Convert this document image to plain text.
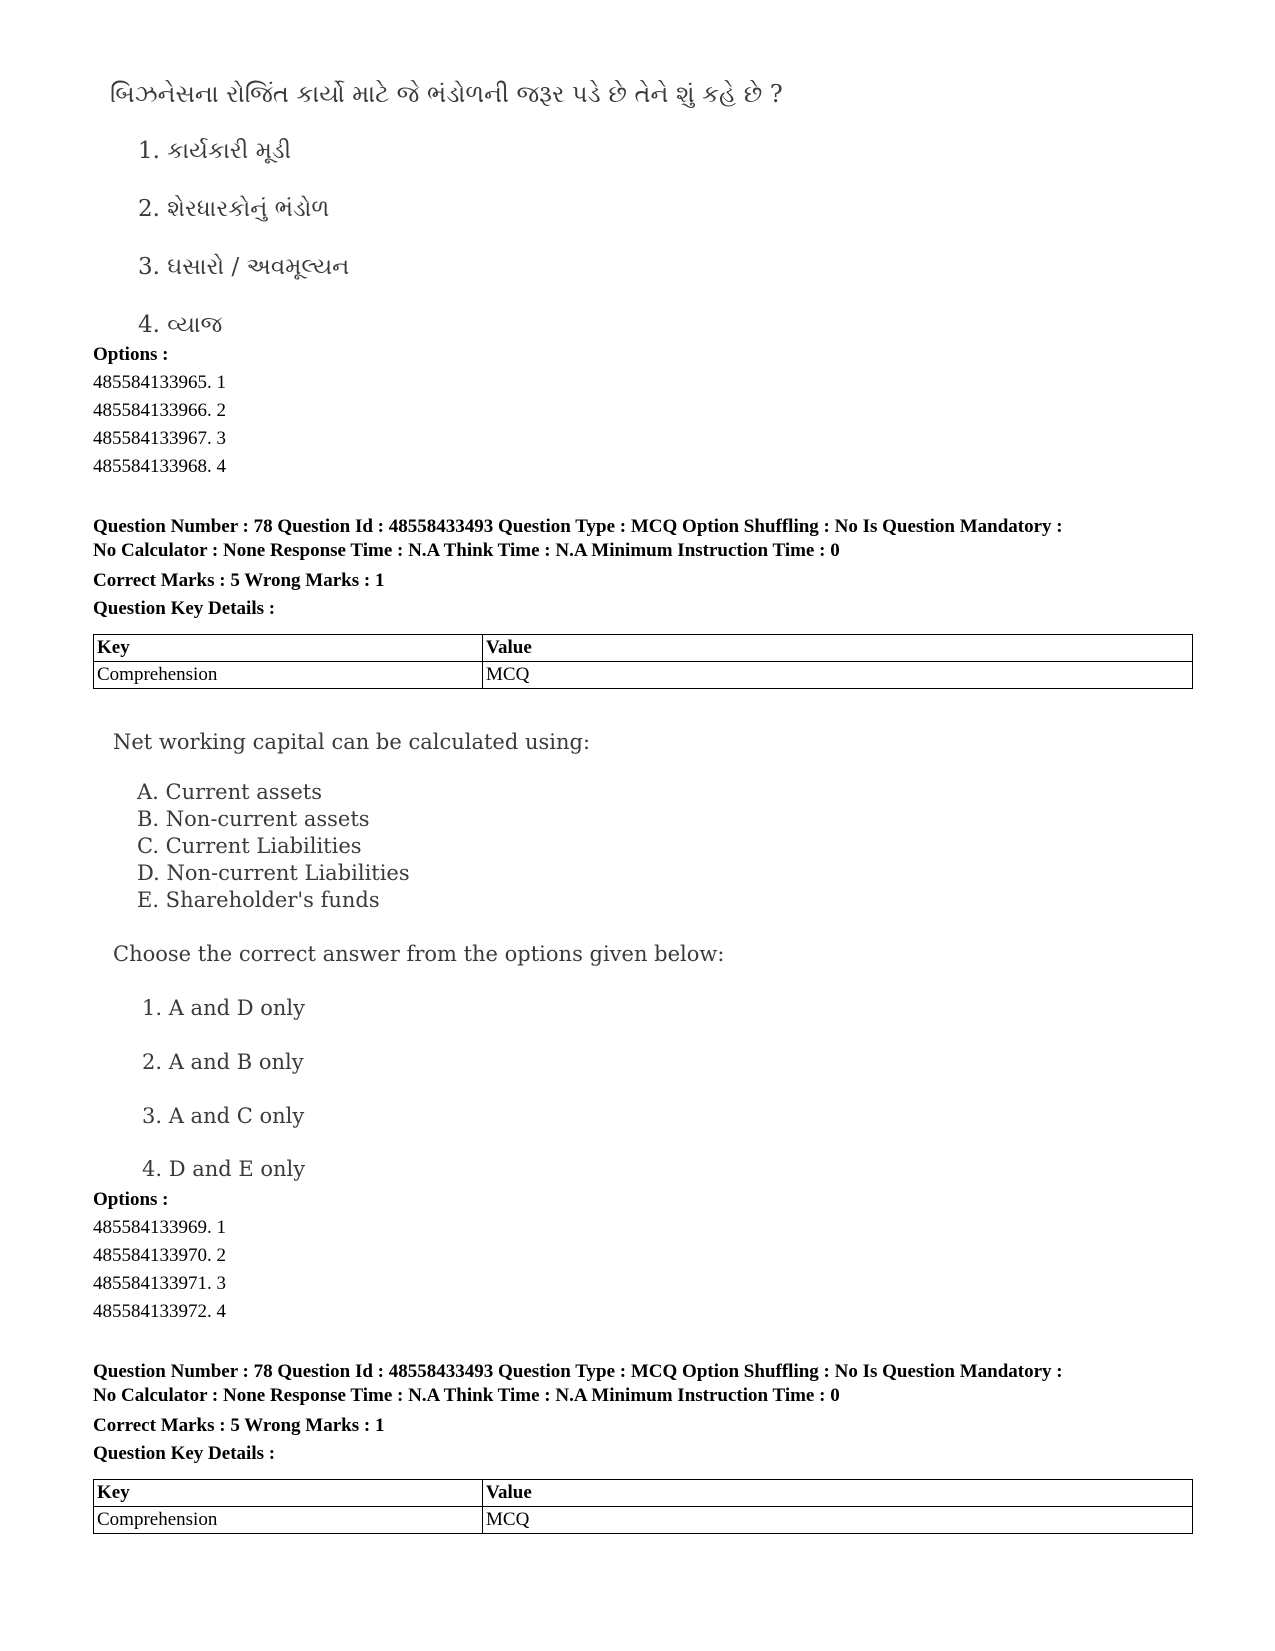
બિઝનેસના રોજિંત કાર્યો માટે જે ભંડોળની જરૂર પડે છે તેને શું કહે છે ?
1. કાર્યકારી મૂડી
2. શેરધારકોનું ભંડોળ
3. ઘસારો / અવમૂલ્યન
4. વ્યાજ
Options :
485584133965. 1
485584133966. 2
485584133967. 3
485584133968. 4
Question Number : 78 Question Id : 48558433493 Question Type : MCQ Option Shuffling : No Is Question Mandatory :
No Calculator : None Response Time : N.A Think Time : N.A Minimum Instruction Time : 0
Correct Marks : 5 Wrong Marks : 1
Question Key Details :
Key	Value
Comprehension	MCQ
Net working capital can be calculated using:
A. Current assets
B. Non-current assets
C. Current Liabilities
D. Non-current Liabilities
E. Shareholder's funds
Choose the correct answer from the options given below:
1. A and D only
2. A and B only
3. A and C only
4. D and E only
Options :
485584133969. 1
485584133970. 2
485584133971. 3
485584133972. 4
Question Number : 78 Question Id : 48558433493 Question Type : MCQ Option Shuffling : No Is Question Mandatory :
No Calculator : None Response Time : N.A Think Time : N.A Minimum Instruction Time : 0
Correct Marks : 5 Wrong Marks : 1
Question Key Details :
Key	Value
Comprehension	MCQ
